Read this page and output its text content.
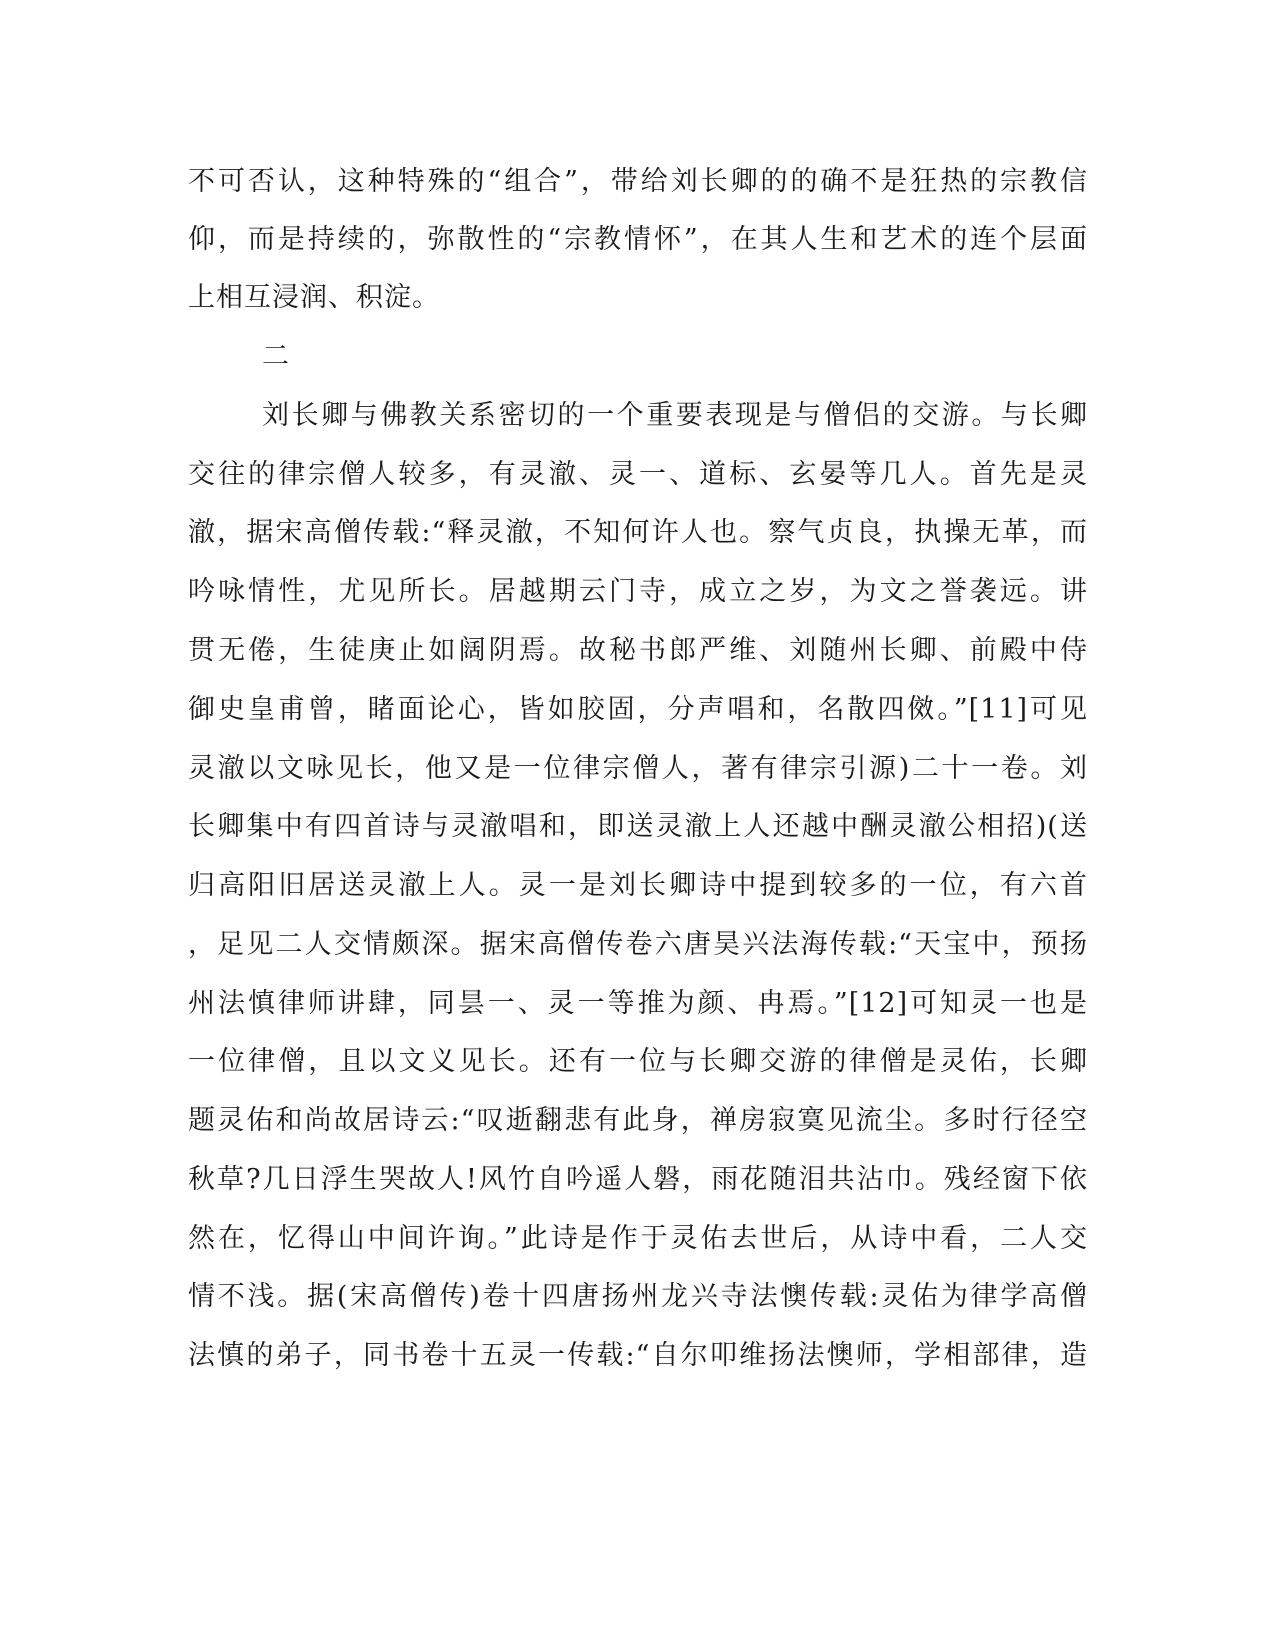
不可否认，这种特殊的“组合”，带给刘长卿的的确不是狂热的宗教信
仰，而是持续的，弥散性的“宗教情怀”，在其人生和艺术的连个层面
上相互浸润、积淀。
二
刘长卿与佛教关系密切的一个重要表现是与僧侣的交游。与长卿
交往的律宗僧人较多，有灵澈、灵一、道标、玄晏等几人。首先是灵
澈，据宋高僧传载:“释灵澈，不知何许人也。察气贞良，执操无革，而
吟咏情性，尤见所长。居越期云门寺，成立之岁，为文之誉袭远。讲
贯无倦，生徒庚止如阔阴焉。故秘书郎严维、刘随州长卿、前殿中侍
御史皇甫曾，睹面论心，皆如胶固，分声唱和，名散四傚。”[11]可见
灵澈以文咏见长，他又是一位律宗僧人，著有律宗引源)二十一卷。刘
长卿集中有四首诗与灵澈唱和，即送灵澈上人还越中酬灵澈公相招)(送
归高阳旧居送灵澈上人。灵一是刘长卿诗中提到较多的一位，有六首
，足见二人交情颇深。据宋高僧传卷六唐昊兴法海传载:“天宝中，预扬
州法慎律师讲肆，同昙一、灵一等推为颜、冉焉。”[12]可知灵一也是
一位律僧，且以文义见长。还有一位与长卿交游的律僧是灵佑，长卿
题灵佑和尚故居诗云:“叹逝翻悲有此身，禅房寂寞见流尘。多时行径空
秋草?几日浮生哭故人!风竹自吟遥人磐，雨花随泪共沾巾。残经窗下依
然在，忆得山中间许询。”此诗是作于灵佑去世后，从诗中看，二人交
情不浅。据(宋高僧传)卷十四唐扬州龙兴寺法懊传载:灵佑为律学高僧
法慎的弟子，同书卷十五灵一传载:“自尔叩维扬法懊师，学相部律，造
